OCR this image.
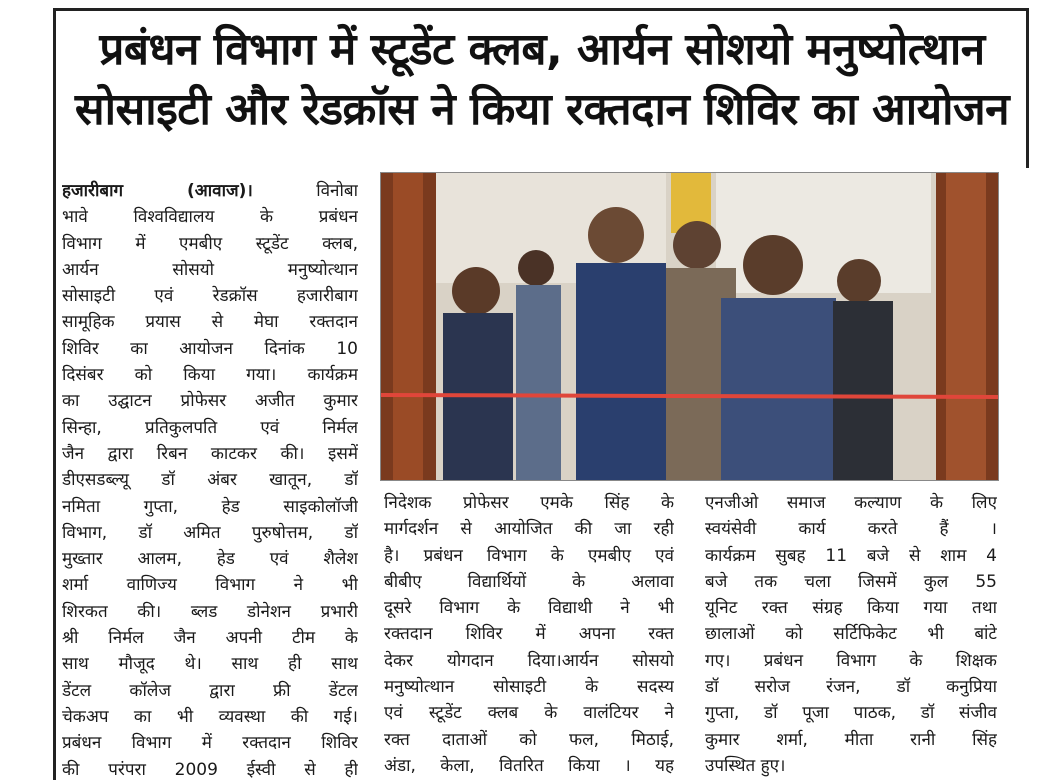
प्रबंधन विभाग में स्टूडेंट क्लब, आर्यन सोशयो मनुष्योत्थान
सोसाइटी और रेडक्रॉस ने किया रक्तदान शिविर का आयोजन
हजारीबाग (आवाज)।	विनोबा
भावे विश्वविद्यालय के प्रबंधन
विभाग में एमबीए स्टूडेंट क्लब,
आर्यन सोसयो मनुष्योत्थान
सोसाइटी एवं रेडक्रॉस हजारीबाग
सामूहिक प्रयास से मेघा रक्तदान
शिविर का आयोजन दिनांक 10
दिसंबर को किया गया। कार्यक्रम
का उद्घाटन प्रोफेसर अजीत कुमार
सिन्हा, प्रतिकुलपति एवं निर्मल
जैन द्वारा रिबन काटकर की। इसमें
डीएसडब्ल्यू डॉ अंबर खातून, डॉ
नमिता गुप्ता, हेड साइकोलॉजी
विभाग, डॉ अमित पुरुषोत्तम, डॉ
मुख्तार आलम, हेड एवं शैलेश
शर्मा वाणिज्य विभाग ने भी
शिरकत की। ब्लड डोनेशन प्रभारी
श्री निर्मल जैन अपनी टीम के
साथ मौजूद थे। साथ ही साथ
डेंटल कॉलेज द्वारा फ्री डेंटल
चेकअप का भी व्यवस्था की गई।
प्रबंधन विभाग में रक्तदान शिविर
की परंपरा 2009 ईस्वी से ही
निदेशक प्रोफेसर एमके सिंह के
मार्गदर्शन से आयोजित की जा रही
है। प्रबंधन विभाग के एमबीए एवं
बीबीए विद्यार्थियों के अलावा
दूसरे विभाग के विद्याथी ने भी
रक्तदान शिविर में अपना रक्त
देकर योगदान दिया।आर्यन सोसयो
मनुष्योत्थान सोसाइटी के सदस्य
एवं स्टूडेंट क्लब के वालंटियर ने
रक्त दाताओं को फल, मिठाई,
अंडा, केला, वितरित किया । यह
एनजीओ समाज कल्याण के लिए
स्वयंसेवी कार्य करते हैं ।
कार्यक्रम सुबह 11 बजे से शाम 4
बजे तक चला जिसमें कुल 55
यूनिट रक्त संग्रह किया गया तथा
छालाओं को सर्टिफिकेट भी बांटे
गए। प्रबंधन विभाग के शिक्षक
डॉ सरोज रंजन, डॉ कनुप्रिया
गुप्ता, डॉ पूजा पाठक, डॉ संजीव
कुमार शर्मा, मीता रानी सिंह
उपस्थित हुए।
